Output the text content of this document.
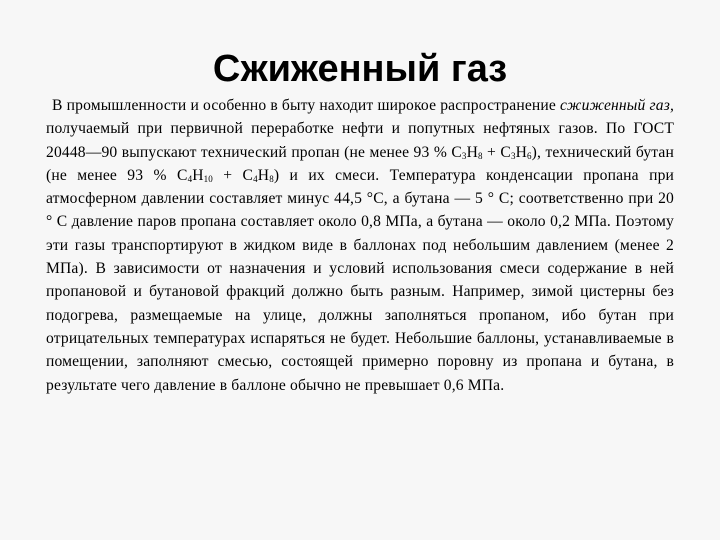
Сжиженный газ

В промышленности и особенно в быту находит широкое распространение сжиженный газ, получаемый при первичной переработке нефти и попутных нефтяных газов. По ГОСТ 20448—90 выпускают технический пропан (не менее 93 % $С_3Н_8 + С_3Н_6$), технический бутан (не менее 93 % $С_4Н_{10} + С_4Н_8$) и их смеси. Температура конденсации пропана при атмосферном давлении составляет минус 44,5 °С, а бутана — 5 ° С; соответственно при 20 ° С давление паров пропана составляет около 0,8 МПа, а бутана — около 0,2 МПа. Поэтому эти газы транспортируют в жидком виде в баллонах под небольшим давлением (менее 2 МПа). В зависимости от назначения и условий использования смеси содержание в ней пропановой и бутановой фракций должно быть разным. Например, зимой цистерны без подогрева, размещаемые на улице, должны заполняться пропаном, ибо бутан при отрицательных температурах испаряться не будет. Небольшие баллоны, устанавливаемые в помещении, заполняют смесью, состоящей примерно поровну из пропана и бутана, в результате чего давление в баллоне обычно не превышает 0,6 МПа.
